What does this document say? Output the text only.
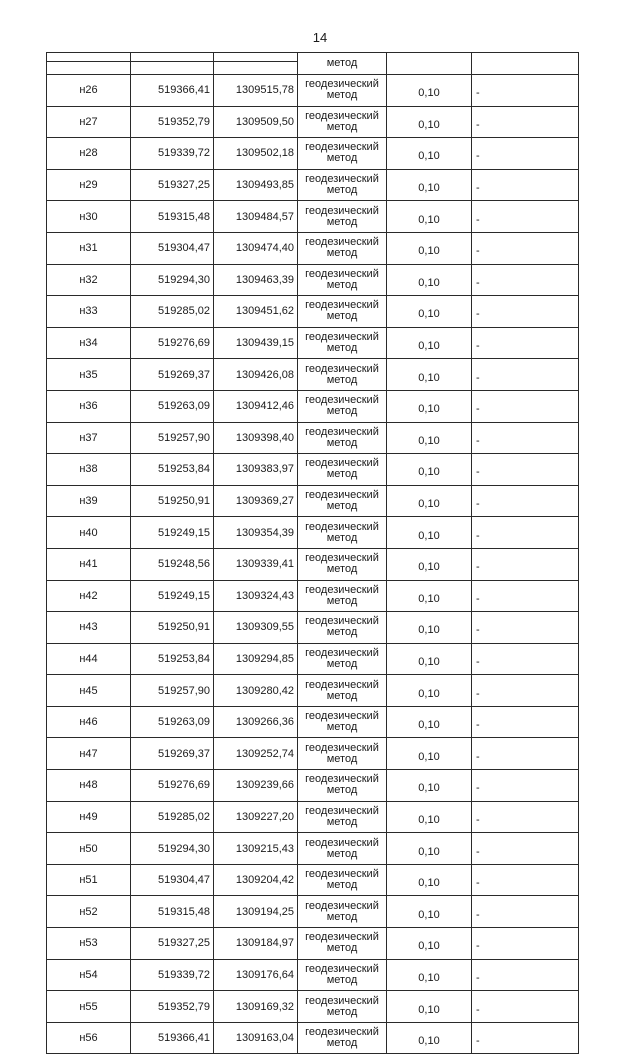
14

			метод		

н26	519366,41	1309515,78	геодезический
метод	0,10	-
н27	519352,79	1309509,50	геодезический
метод	0,10	-
н28	519339,72	1309502,18	геодезический
метод	0,10	-
н29	519327,25	1309493,85	геодезический
метод	0,10	-
н30	519315,48	1309484,57	геодезический
метод	0,10	-
н31	519304,47	1309474,40	геодезический
метод	0,10	-
н32	519294,30	1309463,39	геодезический
метод	0,10	-
н33	519285,02	1309451,62	геодезический
метод	0,10	-
н34	519276,69	1309439,15	геодезический
метод	0,10	-
н35	519269,37	1309426,08	геодезический
метод	0,10	-
н36	519263,09	1309412,46	геодезический
метод	0,10	-
н37	519257,90	1309398,40	геодезический
метод	0,10	-
н38	519253,84	1309383,97	геодезический
метод	0,10	-
н39	519250,91	1309369,27	геодезический
метод	0,10	-
н40	519249,15	1309354,39	геодезический
метод	0,10	-
н41	519248,56	1309339,41	геодезический
метод	0,10	-
н42	519249,15	1309324,43	геодезический
метод	0,10	-
н43	519250,91	1309309,55	геодезический
метод	0,10	-
н44	519253,84	1309294,85	геодезический
метод	0,10	-
н45	519257,90	1309280,42	геодезический
метод	0,10	-
н46	519263,09	1309266,36	геодезический
метод	0,10	-
н47	519269,37	1309252,74	геодезический
метод	0,10	-
н48	519276,69	1309239,66	геодезический
метод	0,10	-
н49	519285,02	1309227,20	геодезический
метод	0,10	-
н50	519294,30	1309215,43	геодезический
метод	0,10	-
н51	519304,47	1309204,42	геодезический
метод	0,10	-
н52	519315,48	1309194,25	геодезический
метод	0,10	-
н53	519327,25	1309184,97	геодезический
метод	0,10	-
н54	519339,72	1309176,64	геодезический
метод	0,10	-
н55	519352,79	1309169,32	геодезический
метод	0,10	-
н56	519366,41	1309163,04	геодезический
метод	0,10	-
